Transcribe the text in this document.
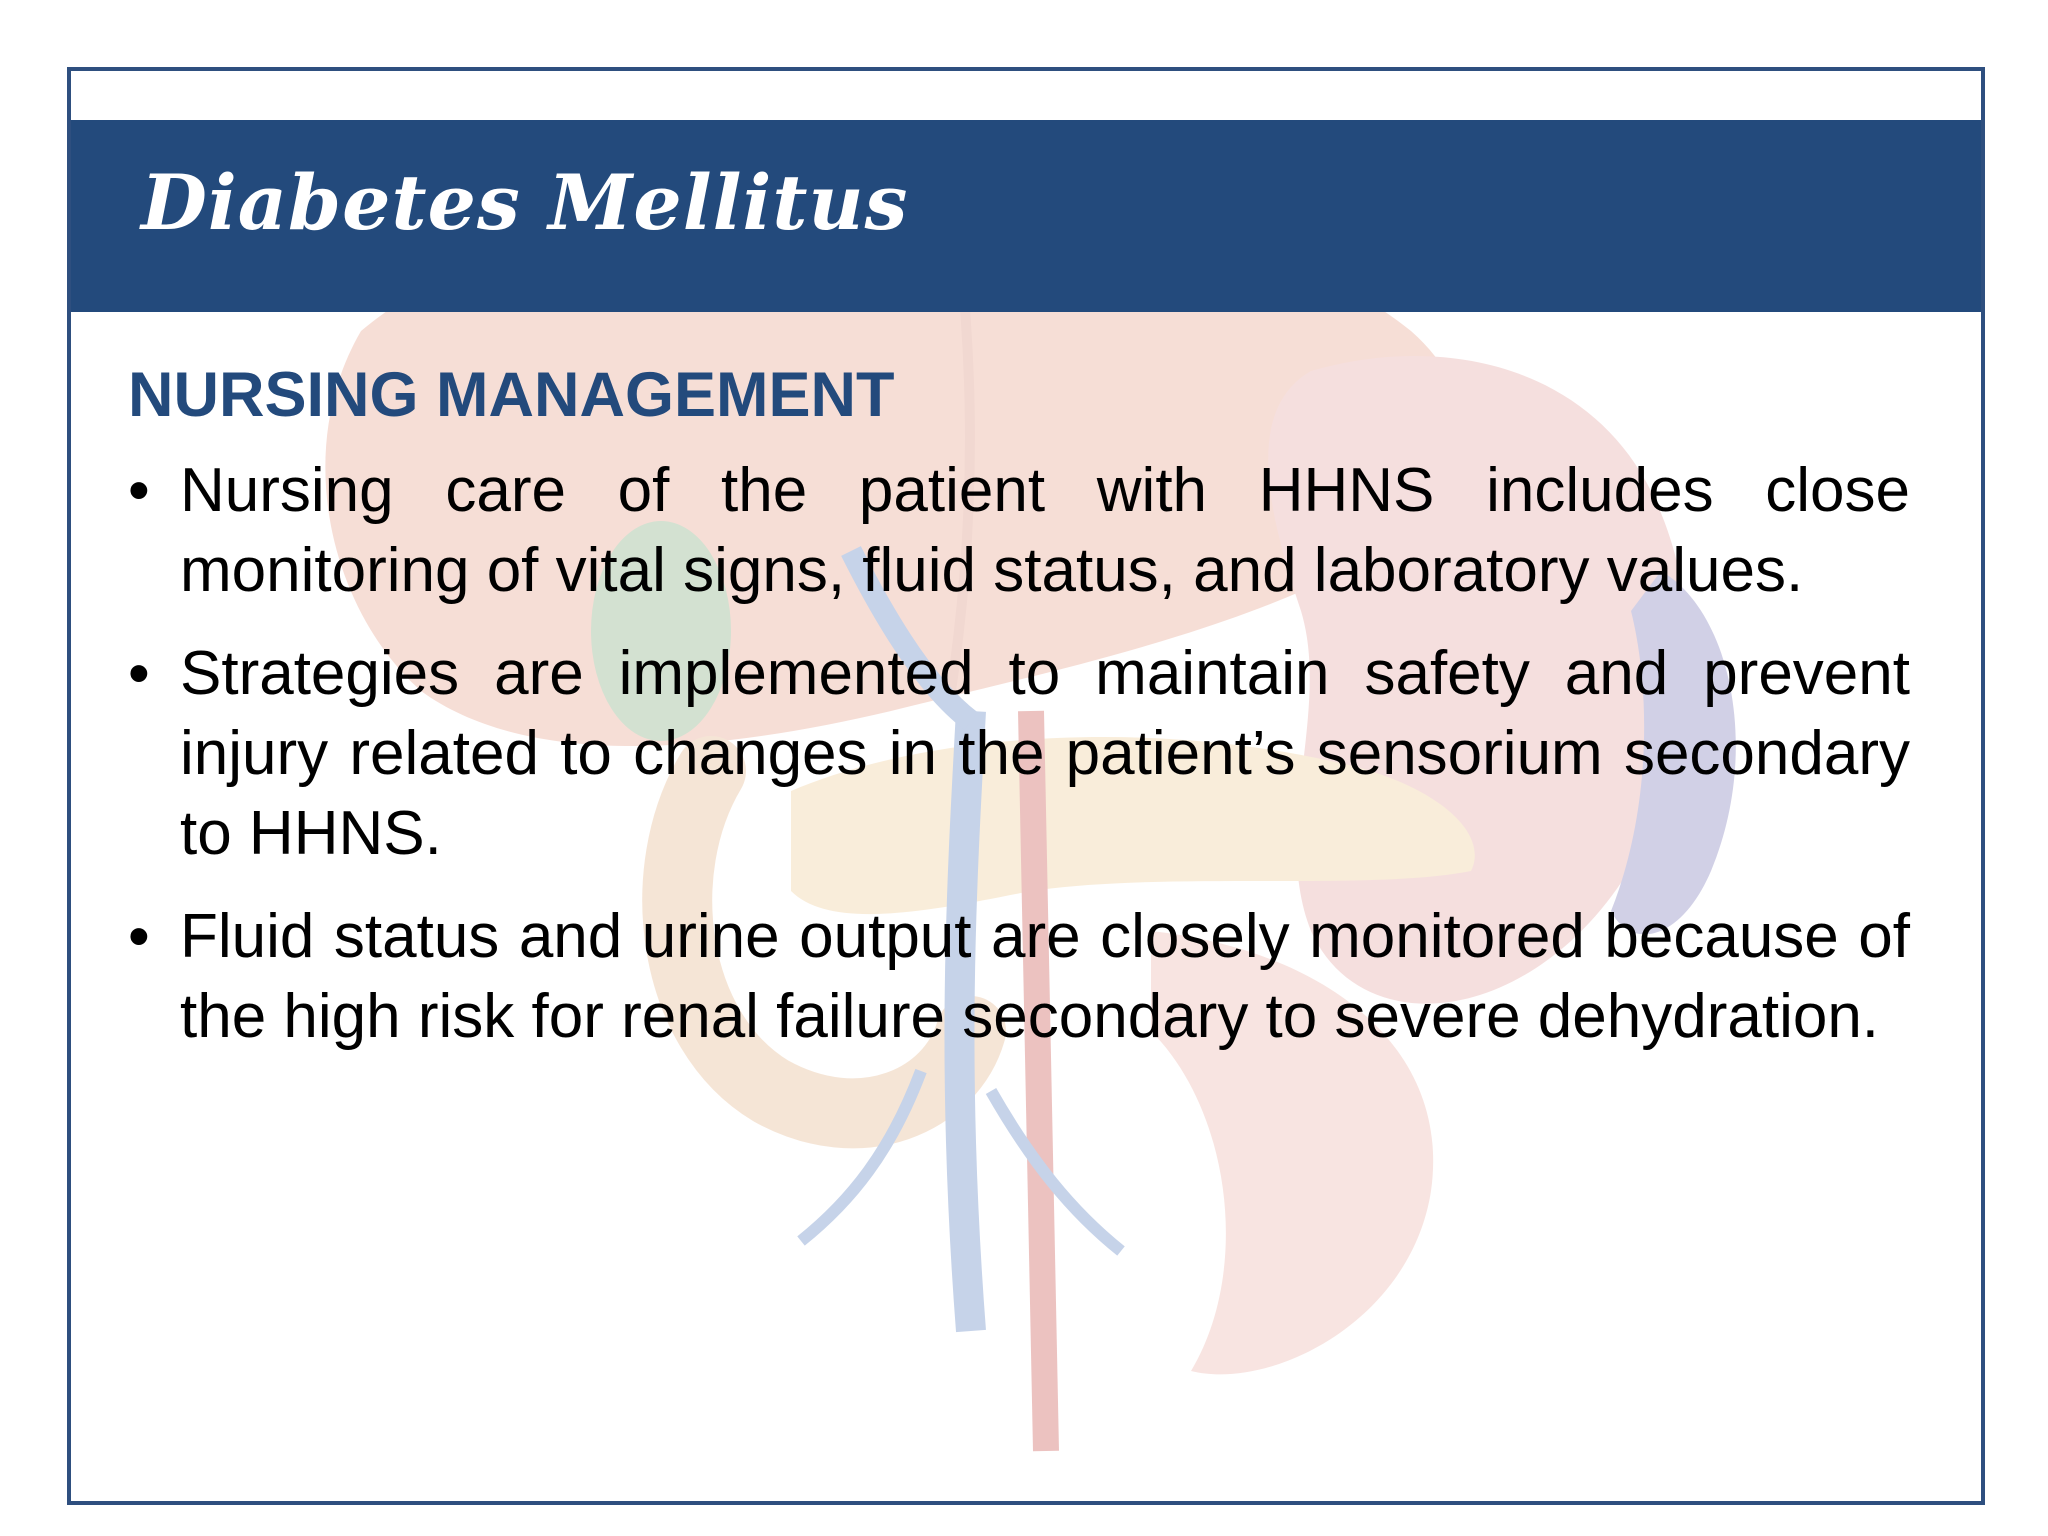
Diabetes Mellitus
NURSING MANAGEMENT
• Nursing care of the patient with HHNS includes close monitoring of vital signs, fluid status, and laboratory values.
• Strategies are implemented to maintain safety and prevent injury related to changes in the patient’s sensorium secondary to HHNS.
• Fluid status and urine output are closely monitored because of the high risk for renal failure secondary to severe dehydration.
